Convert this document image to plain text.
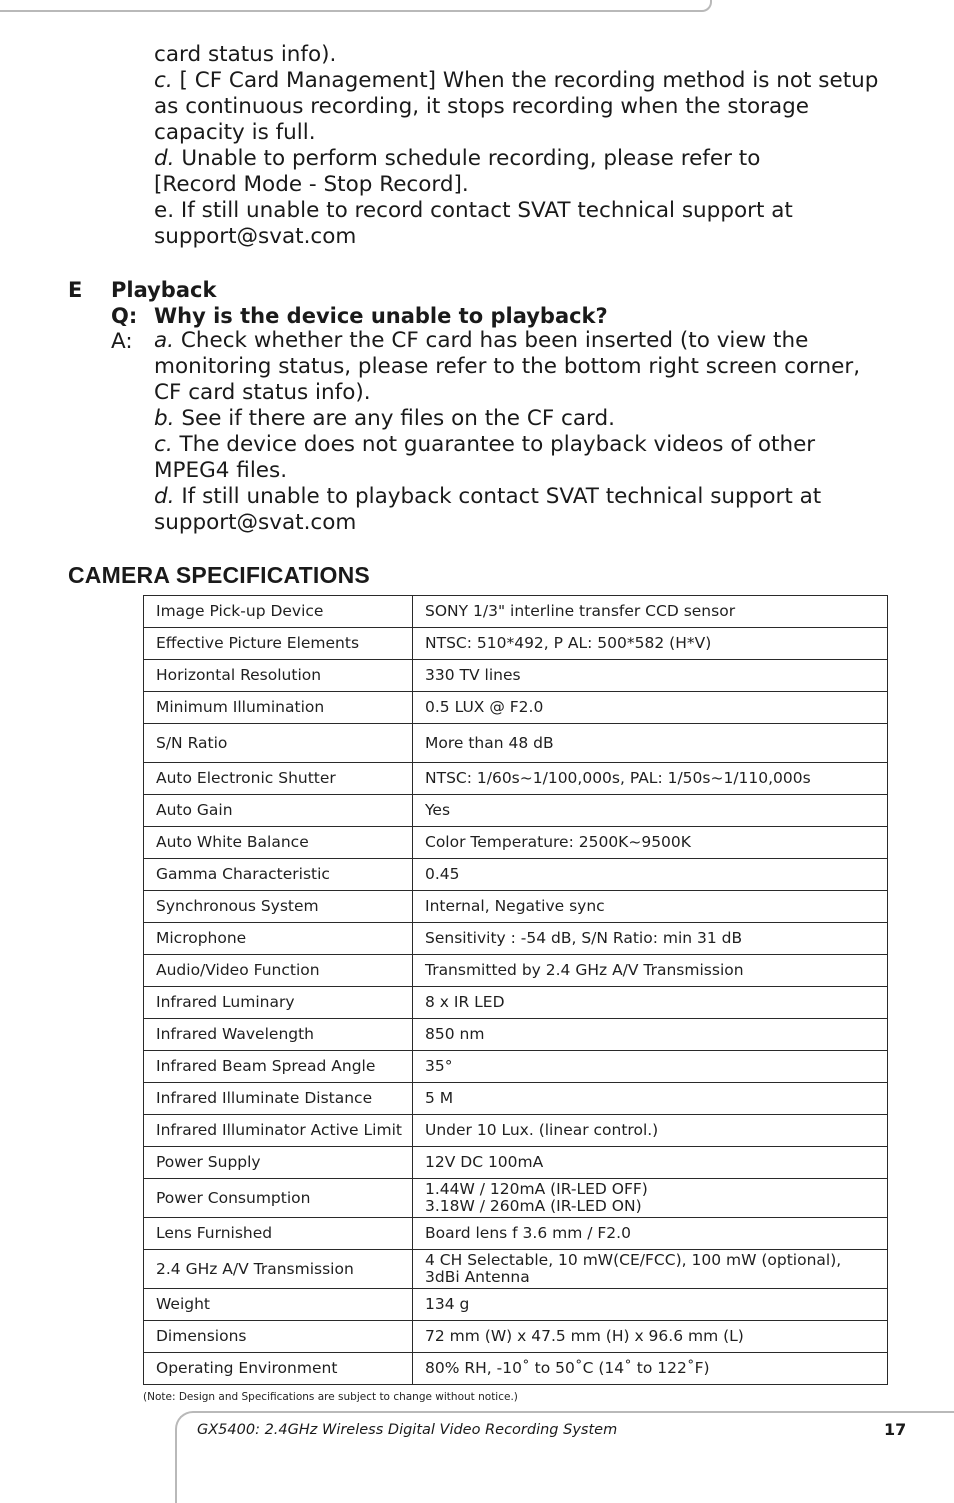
card status info).
c. [ CF Card Management] When the recording method is not setup
as continuous recording, it stops recording when the storage
capacity is full.
d. Unable to perform schedule recording, please refer to
[Record Mode - Stop Record].
e. If still unable to record contact SVAT technical support at
support@svat.com

E Playback
Q: Why is the device unable to playback?
A: a. Check whether the CF card has been inserted (to view the
monitoring status, please refer to the bottom right screen corner,
CF card status info).
b. See if there are any files on the CF card.
c. The device does not guarantee to playback videos of other
MPEG4 files.
d. If still unable to playback contact SVAT technical support at
support@svat.com

CAMERA SPECIFICATIONS
Image Pick-up Device	SONY 1/3" interline transfer CCD sensor
Effective Picture Elements	NTSC: 510*492, P AL: 500*582 (H*V)
Horizontal Resolution	330 TV lines
Minimum Illumination	0.5 LUX @ F2.0
S/N Ratio	More than 48 dB
Auto Electronic Shutter	NTSC: 1/60s~1/100,000s, PAL: 1/50s~1/110,000s
Auto Gain	Yes
Auto White Balance	Color Temperature: 2500K~9500K
Gamma Characteristic	0.45
Synchronous System	Internal, Negative sync
Microphone	Sensitivity : -54 dB, S/N Ratio: min 31 dB
Audio/Video Function	Transmitted by 2.4 GHz A/V Transmission
Infrared Luminary	8 x IR LED
Infrared Wavelength	850 nm
Infrared Beam Spread Angle	35°
Infrared Illuminate Distance	5 M
Infrared Illuminator Active Limit	Under 10 Lux. (linear control.)
Power Supply	12V DC 100mA
Power Consumption	1.44W / 120mA (IR-LED OFF)
3.18W / 260mA (IR-LED ON)
Lens Furnished	Board lens f 3.6 mm / F2.0
2.4 GHz A/V Transmission	4 CH Selectable, 10 mW(CE/FCC), 100 mW (optional),
3dBi Antenna
Weight	134 g
Dimensions	72 mm (W) x 47.5 mm (H) x 96.6 mm (L)
Operating Environment	80% RH, -10˚ to 50˚C (14˚ to 122˚F)
(Note: Design and Specifications are subject to change without notice.)
GX5400: 2.4GHz Wireless Digital Video Recording System	17
